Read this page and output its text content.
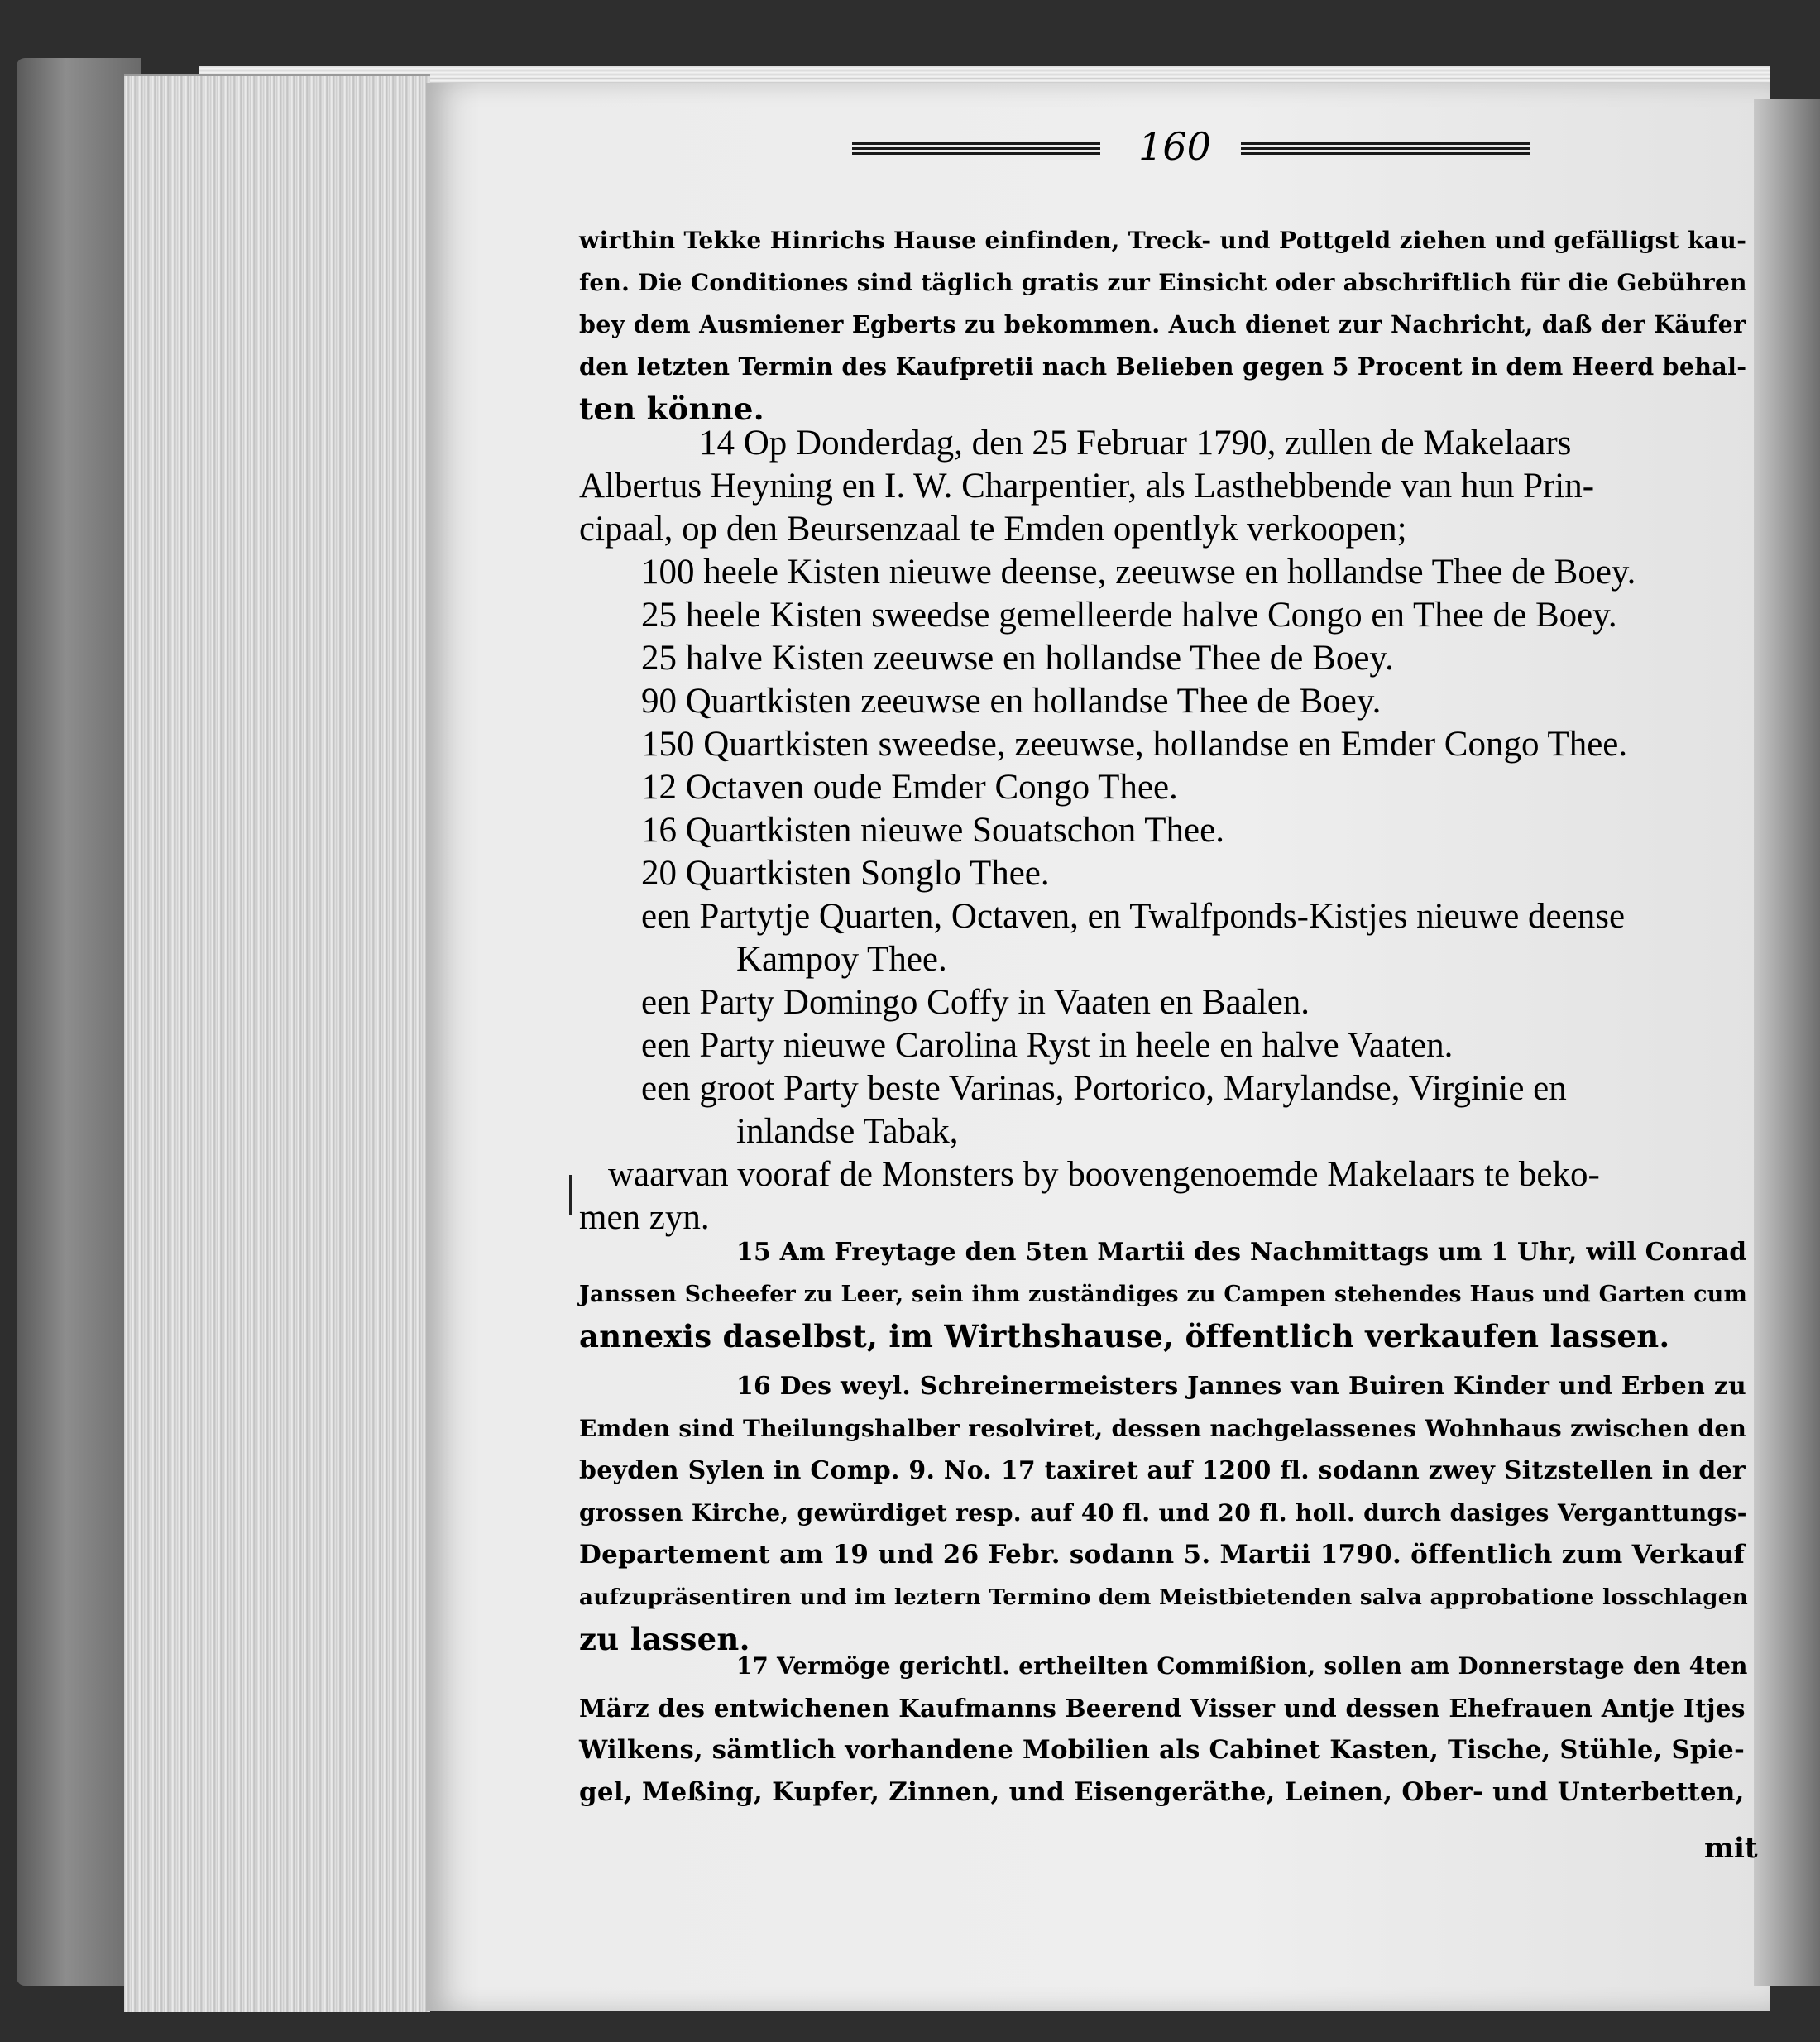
160
wirthin Tekke Hinrichs Hause einfinden, Treck- und Pottgeld ziehen und gefälligst kau-
fen. Die Conditiones sind täglich gratis zur Einsicht oder abschriftlich für die Gebühren
bey dem Ausmiener Egberts zu bekommen. Auch dienet zur Nachricht, daß der Käufer
den letzten Termin des Kaufpretii nach Belieben gegen 5 Procent in dem Heerd behal-
ten könne.
14 Op Donderdag, den 25 Februar 1790, zullen de Makelaars
Albertus Heyning en I. W. Charpentier, als Lasthebbende van hun Prin-
cipaal, op den Beursenzaal te Emden opentlyk verkoopen;
100 heele Kisten nieuwe deense, zeeuwse en hollandse Thee de Boey.
25 heele Kisten sweedse gemelleerde halve Congo en Thee de Boey.
25 halve Kisten zeeuwse en hollandse Thee de Boey.
90 Quartkisten zeeuwse en hollandse Thee de Boey.
150 Quartkisten sweedse, zeeuwse, hollandse en Emder Congo Thee.
12 Octaven oude Emder Congo Thee.
16 Quartkisten nieuwe Souatschon Thee.
20 Quartkisten Songlo Thee.
een Partytje Quarten, Octaven, en Twalfponds-Kistjes nieuwe deense
Kampoy Thee.
een Party Domingo Coffy in Vaaten en Baalen.
een Party nieuwe Carolina Ryst in heele en halve Vaaten.
een groot Party beste Varinas, Portorico, Marylandse, Virginie en
inlandse Tabak,
waarvan vooraf de Monsters by boovengenoemde Makelaars te beko-
men zyn.
15 Am Freytage den 5ten Martii des Nachmittags um 1 Uhr, will Conrad
Janssen Scheefer zu Leer, sein ihm zuständiges zu Campen stehendes Haus und Garten cum
annexis daselbst, im Wirthshause, öffentlich verkaufen lassen.
16 Des weyl. Schreinermeisters Jannes van Buiren Kinder und Erben zu
Emden sind Theilungshalber resolviret, dessen nachgelassenes Wohnhaus zwischen den
beyden Sylen in Comp. 9. No. 17 taxiret auf 1200 fl. sodann zwey Sitzstellen in der
grossen Kirche, gewürdiget resp. auf 40 fl. und 20 fl. holl. durch dasiges Verganttungs-
Departement am 19 und 26 Febr. sodann 5. Martii 1790. öffentlich zum Verkauf
aufzupräsentiren und im leztern Termino dem Meistbietenden salva approbatione losschlagen
zu lassen.
17 Vermöge gerichtl. ertheilten Commißion, sollen am Donnerstage den 4ten
März des entwichenen Kaufmanns Beerend Visser und dessen Ehefrauen Antje Itjes
Wilkens, sämtlich vorhandene Mobilien als Cabinet Kasten, Tische, Stühle, Spie-
gel, Meßing, Kupfer, Zinnen, und Eisengeräthe, Leinen, Ober- und Unterbetten,
mit
